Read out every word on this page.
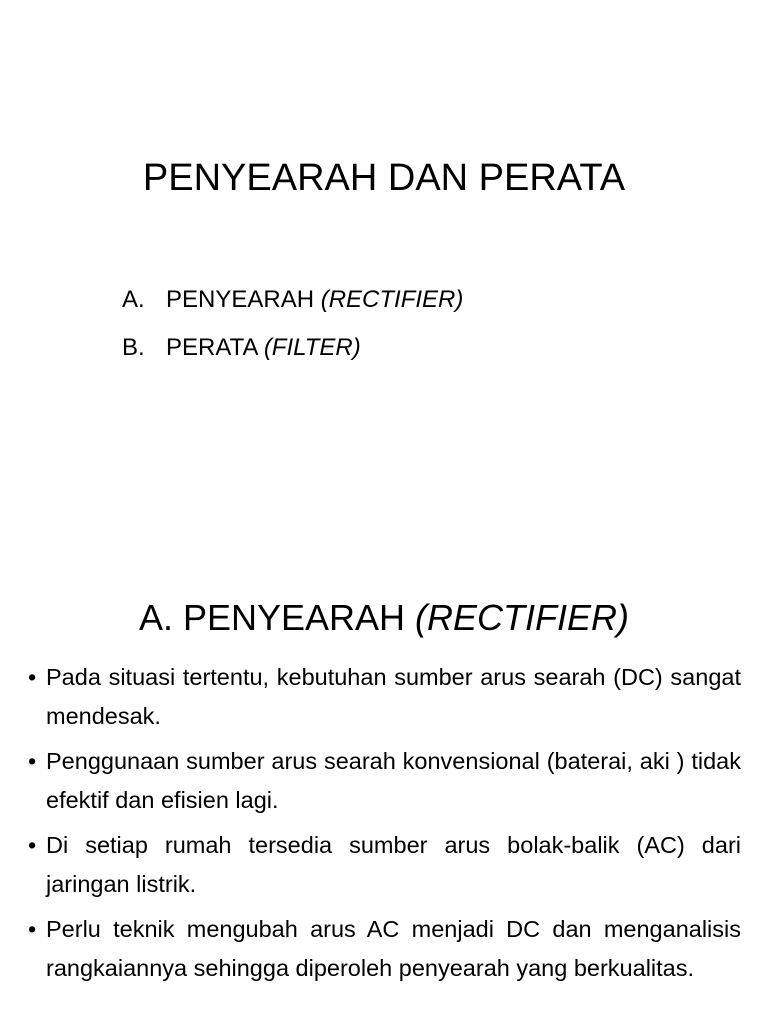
PENYEARAH DAN PERATA
A. PENYEARAH (RECTIFIER)
B. PERATA (FILTER)
A. PENYEARAH (RECTIFIER)
• Pada situasi tertentu, kebutuhan sumber arus searah (DC) sangat mendesak.
• Penggunaan sumber arus searah konvensional (baterai, aki ) tidak efektif dan efisien lagi.
• Di setiap rumah tersedia sumber arus bolak-balik (AC) dari jaringan listrik.
• Perlu teknik mengubah arus AC menjadi DC dan menganalisis rangkaiannya sehingga diperoleh penyearah yang berkualitas.
